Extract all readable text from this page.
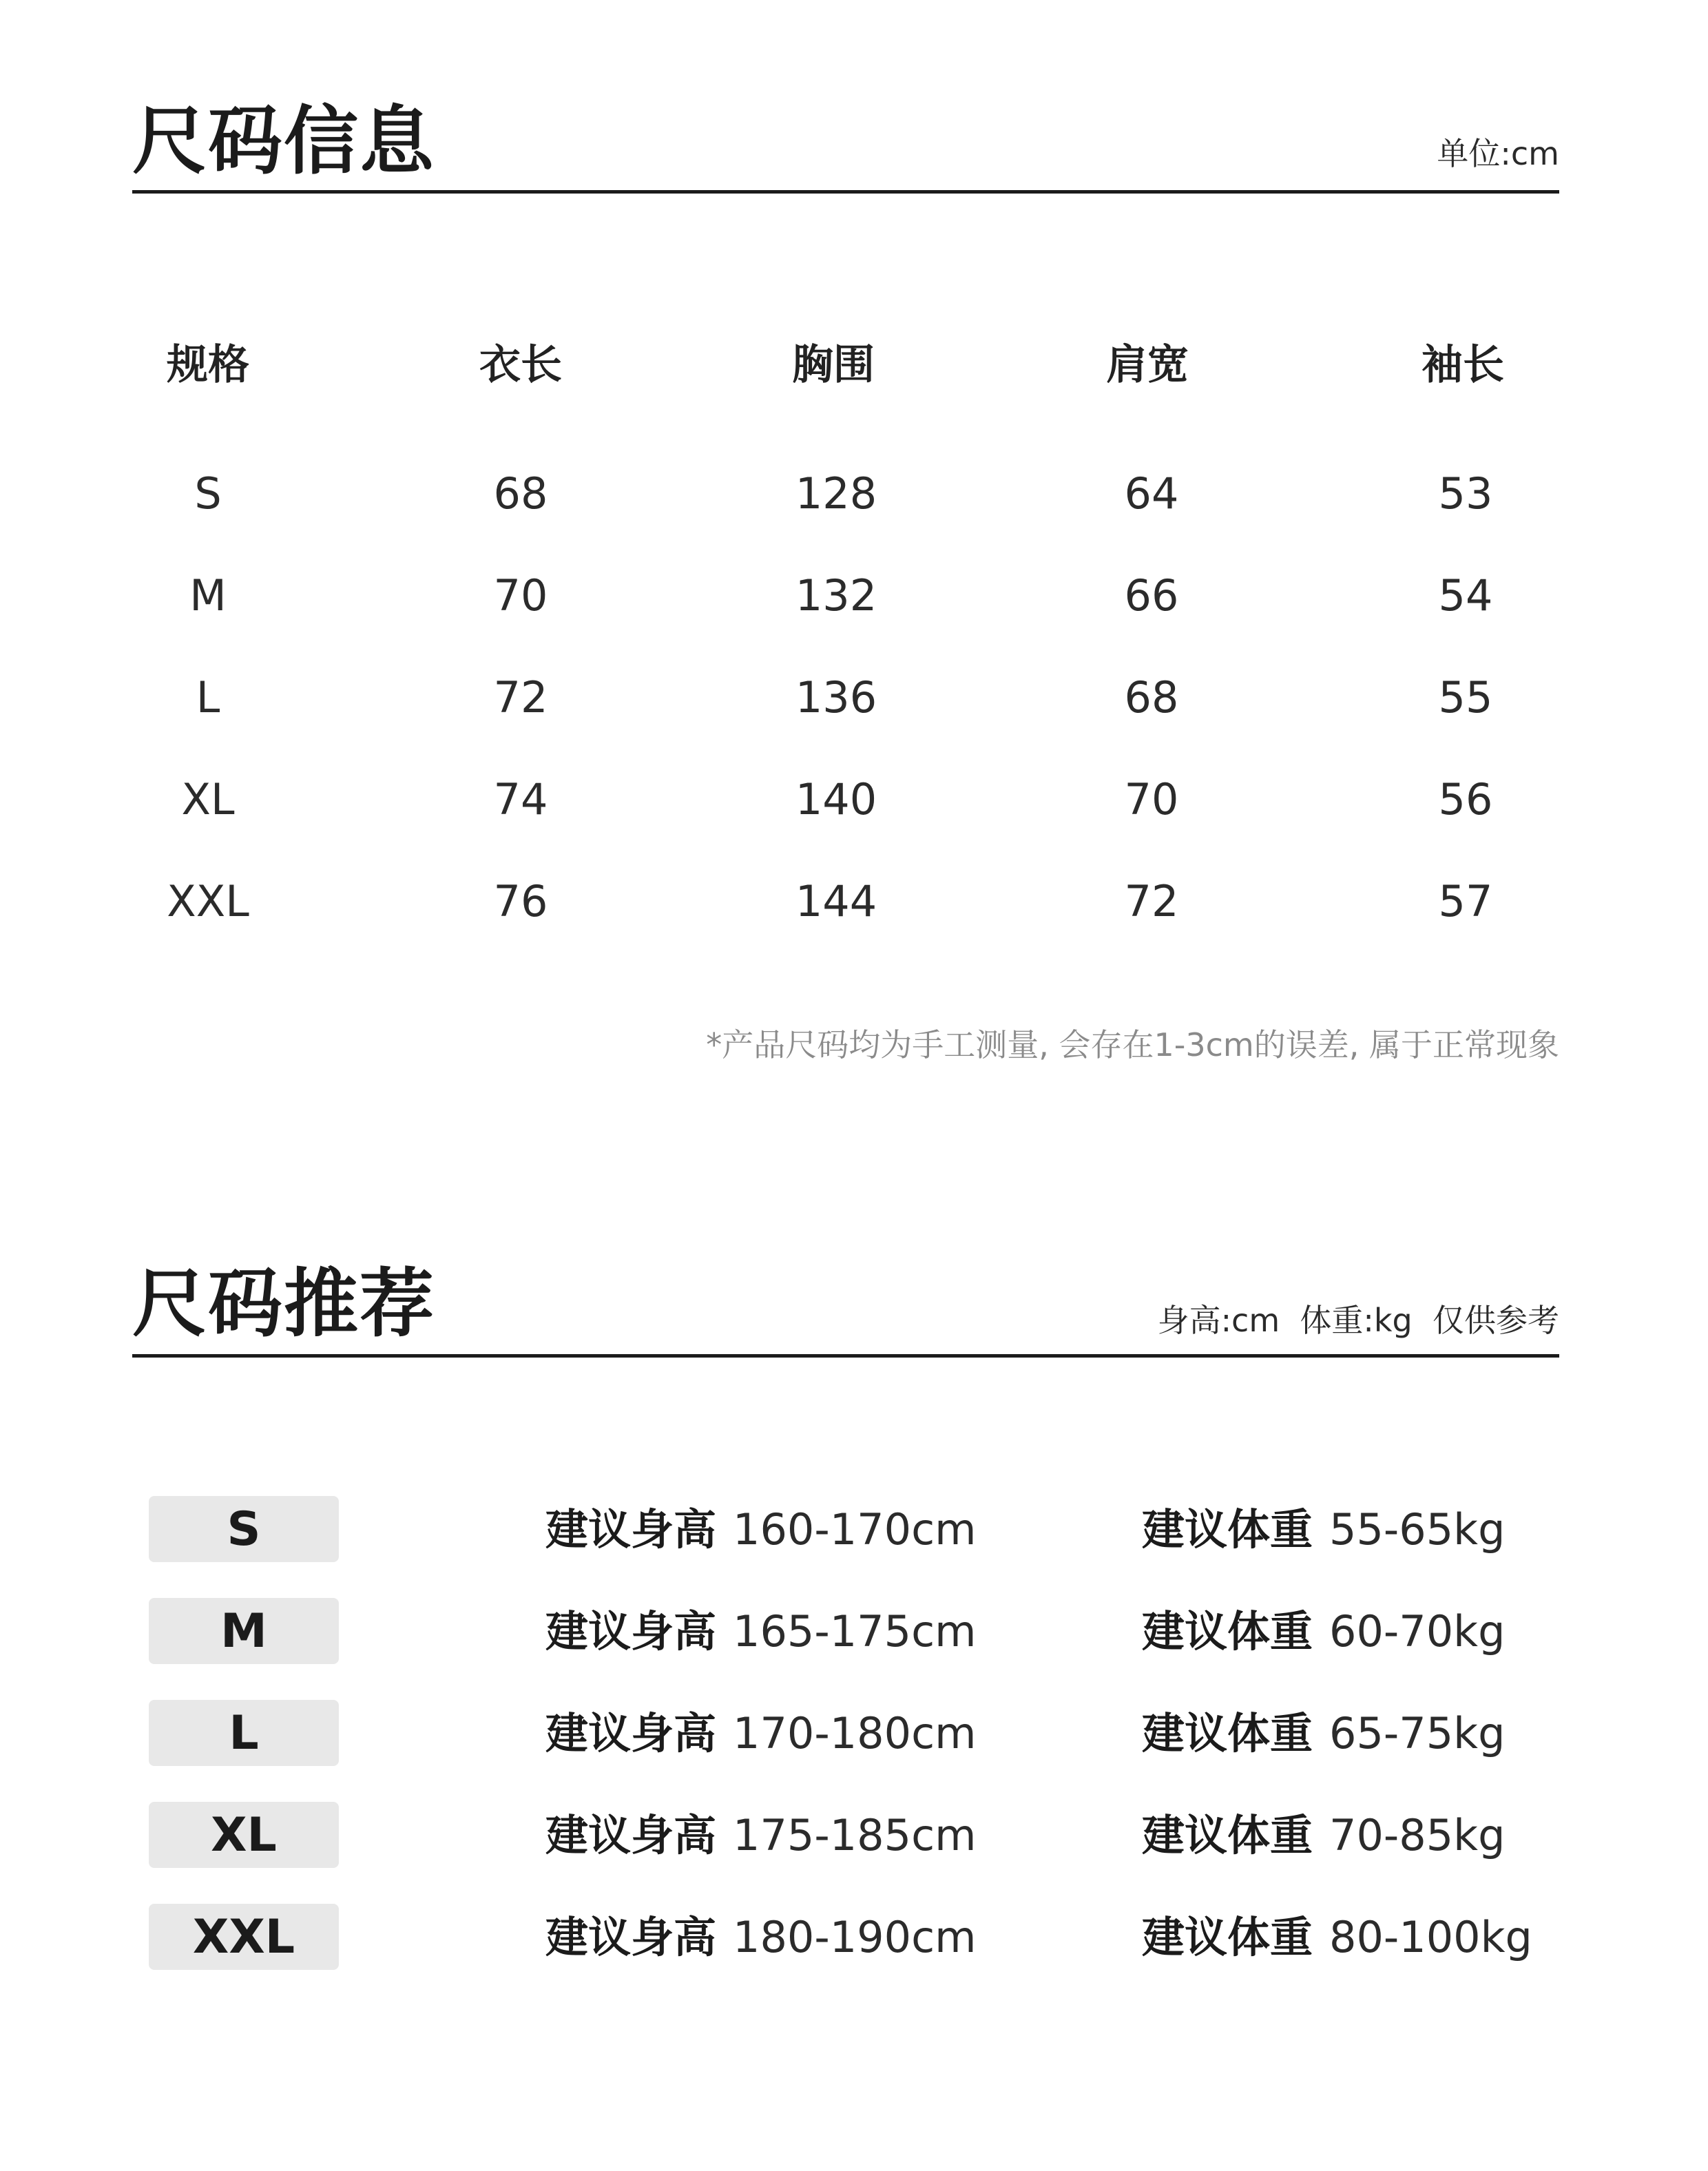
尺码信息	单位:cm
规格	衣长	胸围	肩宽	袖长
S	68	128	64	53
M	70	132	66	54
L	72	136	68	55
XL	74	140	70	56
XXL	76	144	72	57
*产品尺码均为手工测量, 会存在1-3cm的误差, 属于正常现象
尺码推荐	身高:cm  体重:kg  仅供参考
S	建议身高 160-170cm	建议体重 55-65kg
M	建议身高 165-175cm	建议体重 60-70kg
L	建议身高 170-180cm	建议体重 65-75kg
XL	建议身高 175-185cm	建议体重 70-85kg
XXL	建议身高 180-190cm	建议体重 80-100kg
